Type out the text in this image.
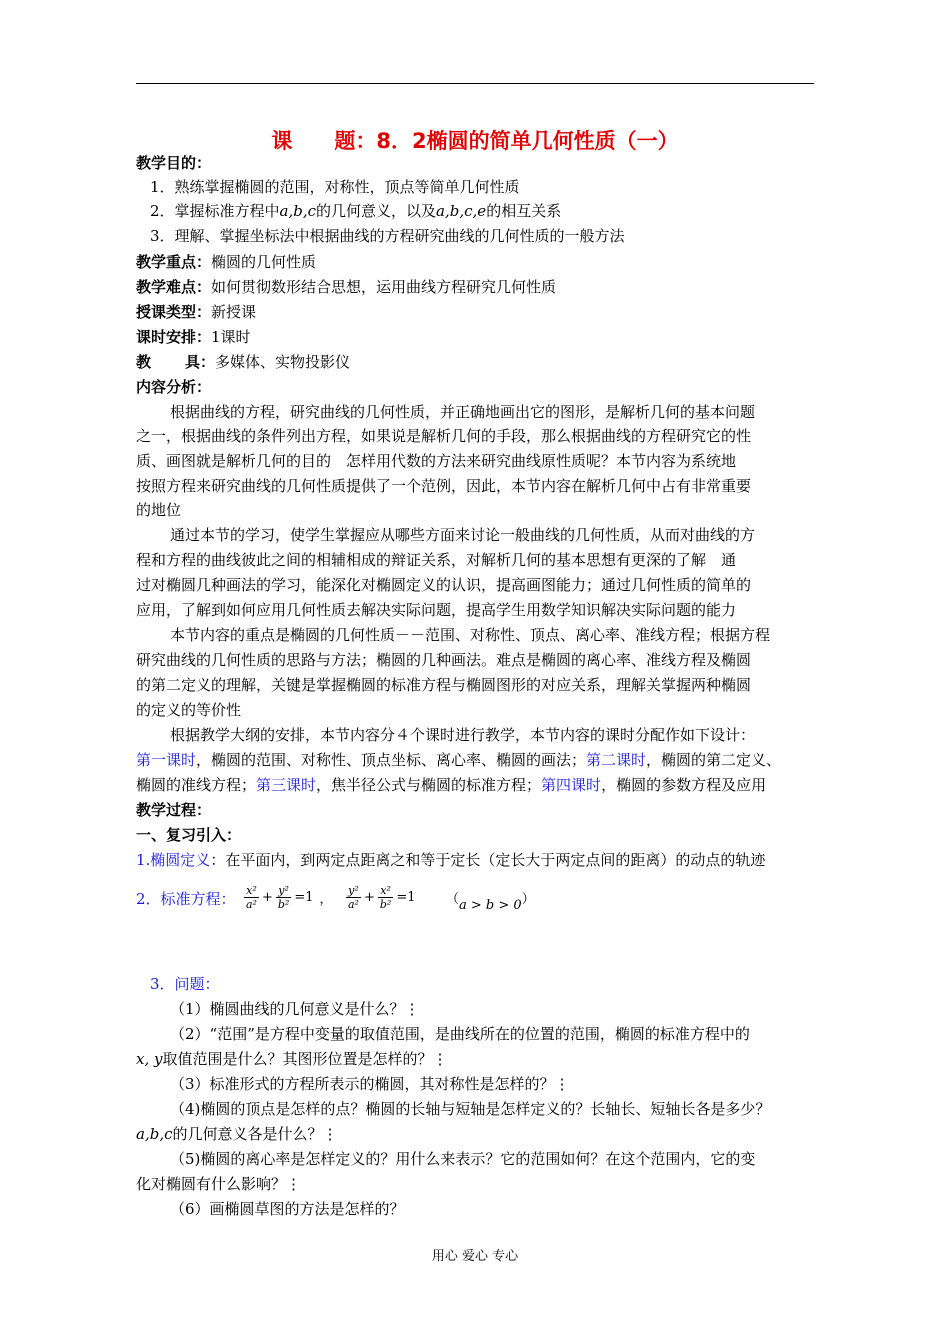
课 题：8．2椭圆的简单几何性质（一）
教学目的：
1．熟练掌握椭圆的范围，对称性，顶点等简单几何性质
2．掌握标准方程中a,b,c的几何意义，以及a,b,c,e的相互关系
3．理解、掌握坐标法中根据曲线的方程研究曲线的几何性质的一般方法
教学重点：椭圆的几何性质
教学难点：如何贯彻数形结合思想，运用曲线方程研究几何性质
授课类型：新授课
课时安排：1课时
教 具：多媒体、实物投影仪
内容分析：
根据曲线的方程，研究曲线的几何性质，并正确地画出它的图形，是解析几何的基本问题
之一，根据曲线的条件列出方程，如果说是解析几何的手段，那么根据曲线的方程研究它的性
质、画图就是解析几何的目的　怎样用代数的方法来研究曲线原性质呢？本节内容为系统地
按照方程来研究曲线的几何性质提供了一个范例，因此，本节内容在解析几何中占有非常重要
的地位
通过本节的学习，使学生掌握应从哪些方面来讨论一般曲线的几何性质，从而对曲线的方
程和方程的曲线彼此之间的相辅相成的辩证关系，对解析几何的基本思想有更深的了解　通
过对椭圆几种画法的学习，能深化对椭圆定义的认识，提高画图能力；通过几何性质的简单的
应用，了解到如何应用几何性质去解决实际问题，提高学生用数学知识解决实际问题的能力
本节内容的重点是椭圆的几何性质－－范围、对称性、顶点、离心率、准线方程；根据方程
研究曲线的几何性质的思路与方法；椭圆的几种画法。难点是椭圆的离心率、准线方程及椭圆
的第二定义的理解，关键是掌握椭圆的标准方程与椭圆图形的对应关系，理解关掌握两种椭圆
的定义的等价性
根据教学大纲的安排，本节内容分４个课时进行教学，本节内容的课时分配作如下设计：
第一课时，椭圆的范围、对称性、顶点坐标、离心率、椭圆的画法；第二课时，椭圆的第二定义、
椭圆的准线方程；第三课时，焦半径公式与椭圆的标准方程；第四课时，椭圆的参数方程及应用
教学过程：
一、复习引入：
1.椭圆定义：在平面内，到两定点距离之和等于定长（定长大于两定点间的距离）的动点的轨迹
2．标准方程： $\frac{\text{x²}}{\text{a²}} + \frac{\text{y²}}{\text{b²}} =1$ ， $\frac{\text{y²}}{\text{a²}} + \frac{\text{x²}}{\text{b²}} =1$ （a > b > 0）
3．问题：
（1）椭圆曲线的几何意义是什么？⋮
（2）“范围”是方程中变量的取值范围，是曲线所在的位置的范围，椭圆的标准方程中的
x, y取值范围是什么？其图形位置是怎样的？⋮
（3）标准形式的方程所表示的椭圆，其对称性是怎样的？⋮
（4)椭圆的顶点是怎样的点？椭圆的长轴与短轴是怎样定义的？长轴长、短轴长各是多少？
a,b,c的几何意义各是什么？⋮
（5)椭圆的离心率是怎样定义的？用什么来表示？它的范围如何？在这个范围内，它的变
化对椭圆有什么影响？⋮
（6）画椭圆草图的方法是怎样的？
用心 爱心 专心
